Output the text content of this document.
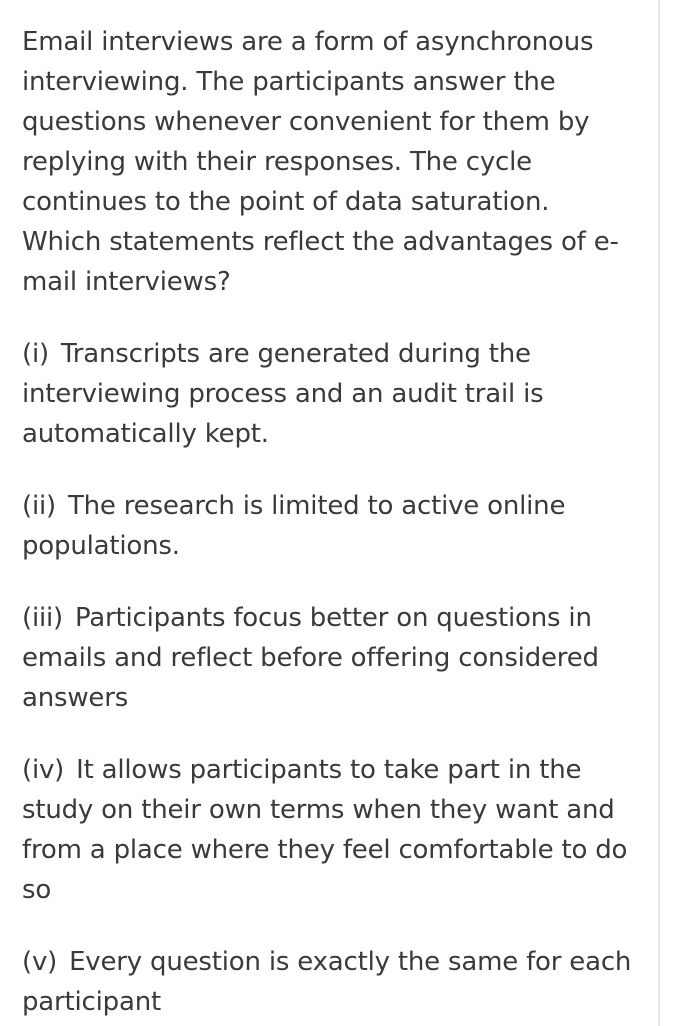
Email interviews are a form of asynchronous interviewing. The participants answer the questions whenever convenient for them by replying with their responses. The cycle continues to the point of data saturation. Which statements reflect the advantages of e-mail interviews?

(i) Transcripts are generated during the interviewing process and an audit trail is automatically kept.

(ii) The research is limited to active online populations.

(iii) Participants focus better on questions in emails and reflect before offering considered answers

(iv) It allows participants to take part in the study on their own terms when they want and from a place where they feel comfortable to do so

(v) Every question is exactly the same for each participant
